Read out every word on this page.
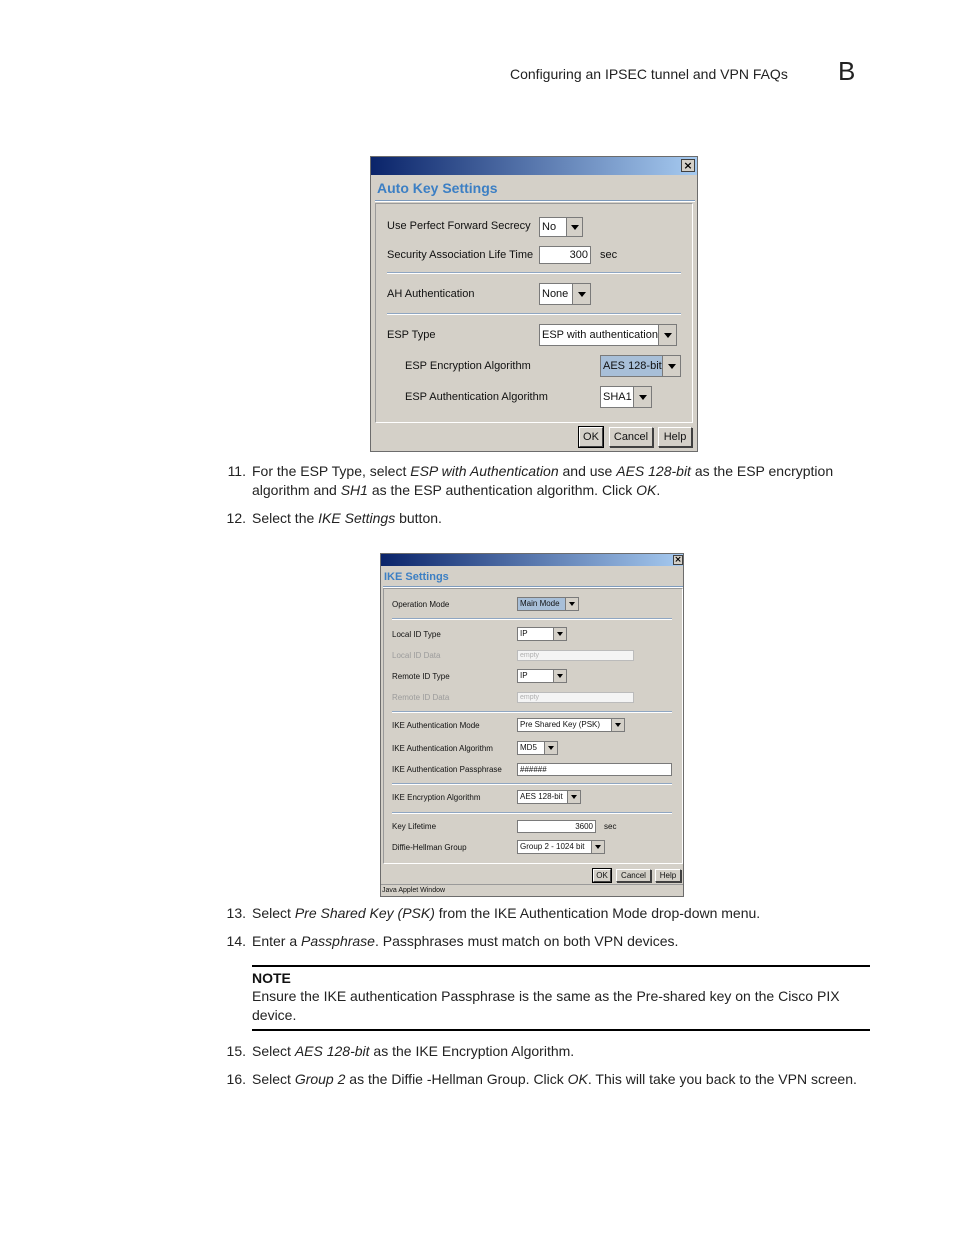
Configuring an IPSEC tunnel and VPN FAQs B
×
Auto Key Settings
Use Perfect Forward Secrecy No
Security Association Life Time	300 sec
AH Authentication	None
ESP Type	ESP with authentication
ESP Encryption Algorithm	AES 128-bit
ESP Authentication Algorithm	SHA1
OK	Cancel	Help
11. For the ESP Type, select ESP with Authentication and use AES 128-bit as the ESP encryption algorithm and SH1 as the ESP authentication algorithm. Click OK.
12. Select the IKE Settings button.
×
IKE Settings
Operation Mode	Main Mode
Local ID Type	IP
Local ID Data	empty
Remote ID Type	IP
Remote ID Data	empty
IKE Authentication Mode	Pre Shared Key (PSK)
IKE Authentication Algorithm	MD5
IKE Authentication Passphrase	######
IKE Encryption Algorithm	AES 128-bit
Key Lifetime	3600	sec
Diffie-Hellman Group	Group 2 - 1024 bit
OK	Cancel	Help
Java Applet Window
13. Select Pre Shared Key (PSK) from the IKE Authentication Mode drop-down menu.
14. Enter a Passphrase. Passphrases must match on both VPN devices.
NOTE
Ensure the IKE authentication Passphrase is the same as the Pre-shared key on the Cisco PIX device.
15. Select AES 128-bit as the IKE Encryption Algorithm.
16. Select Group 2 as the Diffie -Hellman Group. Click OK. This will take you back to the VPN screen.
